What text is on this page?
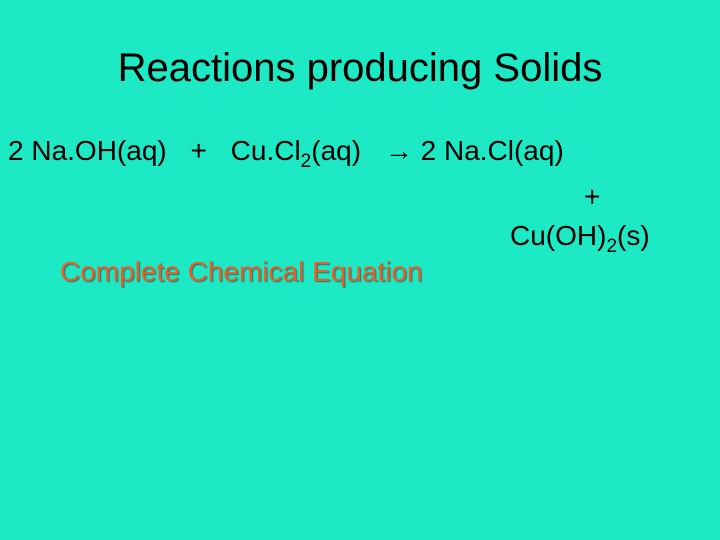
Reactions producing Solids
2 $Na.OH(aq) + Cu.Cl_2(aq) \to 2$ Na.Cl(aq)
+
$Cu(OH)_2(s)$
Complete Chemical Equation
